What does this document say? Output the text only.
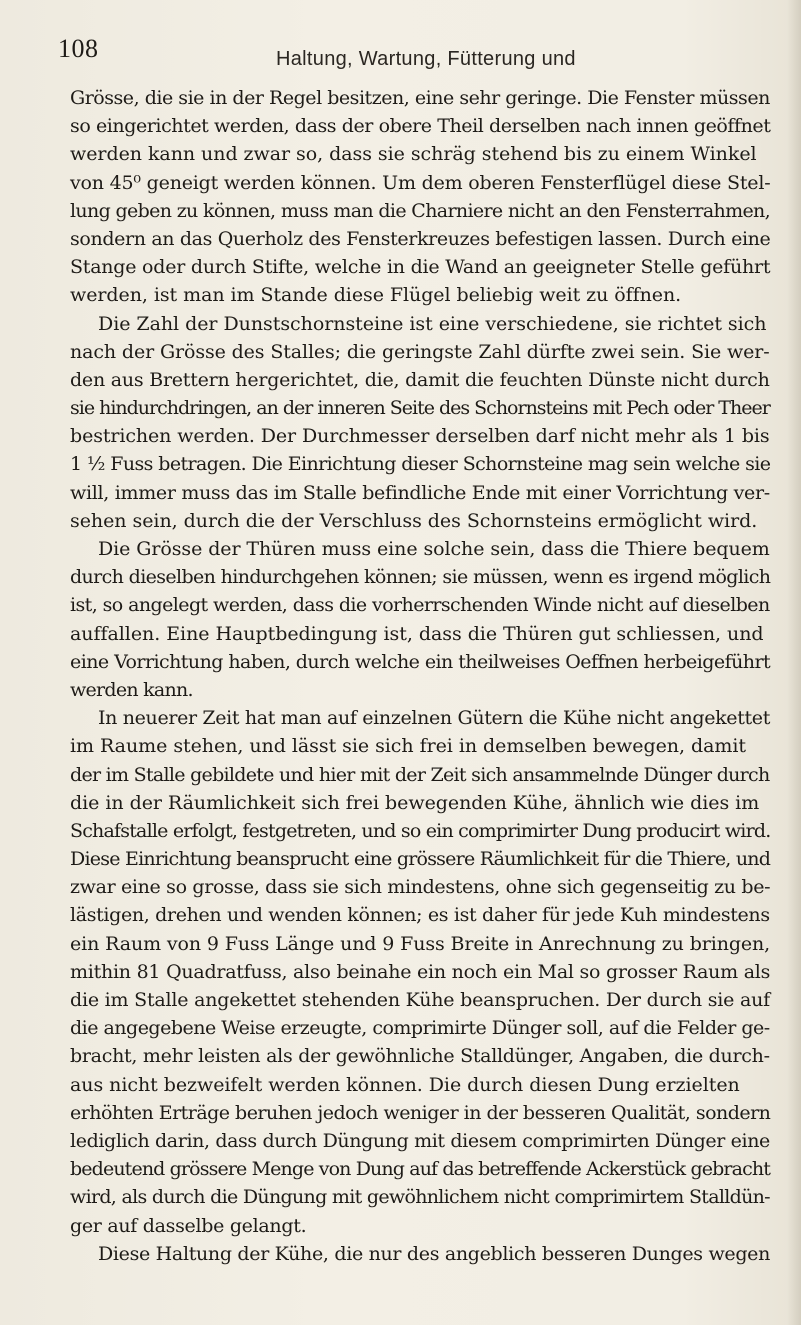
108	Haltung, Wartung, Fütterung und
Grösse, die sie in der Regel besitzen, eine sehr geringe. Die Fenster müssen
so eingerichtet werden, dass der obere Theil derselben nach innen geöffnet
werden kann und zwar so, dass sie schräg stehend bis zu einem Winkel
von 45⁰ geneigt werden können. Um dem oberen Fensterflügel diese Stel-
lung geben zu können, muss man die Charniere nicht an den Fensterrahmen,
sondern an das Querholz des Fensterkreuzes befestigen lassen. Durch eine
Stange oder durch Stifte, welche in die Wand an geeigneter Stelle geführt
werden, ist man im Stande diese Flügel beliebig weit zu öffnen.
Die Zahl der Dunstschornsteine ist eine verschiedene, sie richtet sich
nach der Grösse des Stalles; die geringste Zahl dürfte zwei sein. Sie wer-
den aus Brettern hergerichtet, die, damit die feuchten Dünste nicht durch
sie hindurchdringen, an der inneren Seite des Schornsteins mit Pech oder Theer
bestrichen werden. Der Durchmesser derselben darf nicht mehr als 1 bis
1 ½ Fuss betragen. Die Einrichtung dieser Schornsteine mag sein welche sie
will, immer muss das im Stalle befindliche Ende mit einer Vorrichtung ver-
sehen sein, durch die der Verschluss des Schornsteins ermöglicht wird.
Die Grösse der Thüren muss eine solche sein, dass die Thiere bequem
durch dieselben hindurchgehen können; sie müssen, wenn es irgend möglich
ist, so angelegt werden, dass die vorherrschenden Winde nicht auf dieselben
auffallen. Eine Hauptbedingung ist, dass die Thüren gut schliessen, und
eine Vorrichtung haben, durch welche ein theilweises Oeffnen herbeigeführt
werden kann.
In neuerer Zeit hat man auf einzelnen Gütern die Kühe nicht angekettet
im Raume stehen, und lässt sie sich frei in demselben bewegen, damit
der im Stalle gebildete und hier mit der Zeit sich ansammelnde Dünger durch
die in der Räumlichkeit sich frei bewegenden Kühe, ähnlich wie dies im
Schafstalle erfolgt, festgetreten, und so ein comprimirter Dung producirt wird.
Diese Einrichtung beansprucht eine grössere Räumlichkeit für die Thiere, und
zwar eine so grosse, dass sie sich mindestens, ohne sich gegenseitig zu be-
lästigen, drehen und wenden können; es ist daher für jede Kuh mindestens
ein Raum von 9 Fuss Länge und 9 Fuss Breite in Anrechnung zu bringen,
mithin 81 Quadratfuss, also beinahe ein noch ein Mal so grosser Raum als
die im Stalle angekettet stehenden Kühe beanspruchen. Der durch sie auf
die angegebene Weise erzeugte, comprimirte Dünger soll, auf die Felder ge-
bracht, mehr leisten als der gewöhnliche Stalldünger, Angaben, die durch-
aus nicht bezweifelt werden können. Die durch diesen Dung erzielten
erhöhten Erträge beruhen jedoch weniger in der besseren Qualität, sondern
lediglich darin, dass durch Düngung mit diesem comprimirten Dünger eine
bedeutend grössere Menge von Dung auf das betreffende Ackerstück gebracht
wird, als durch die Düngung mit gewöhnlichem nicht comprimirtem Stalldün-
ger auf dasselbe gelangt.
Diese Haltung der Kühe, die nur des angeblich besseren Dunges wegen
